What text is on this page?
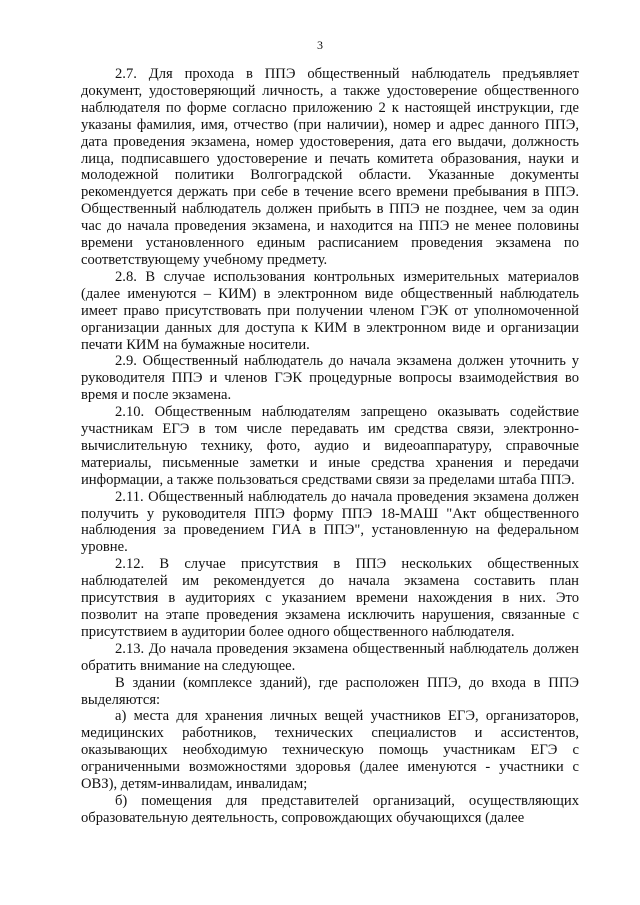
3

2.7. Для прохода в ППЭ общественный наблюдатель предъявляет документ, удостоверяющий личность, а также удостоверение общественного наблюдателя по форме согласно приложению 2 к настоящей инструкции, где указаны фамилия, имя, отчество (при наличии), номер и адрес данного ППЭ, дата проведения экзамена, номер удостоверения, дата его выдачи, должность лица, подписавшего удостоверение и печать комитета образования, науки и молодежной политики Волгоградской области. Указанные документы рекомендуется держать при себе в течение всего времени пребывания в ППЭ. Общественный наблюдатель должен прибыть в ППЭ не позднее, чем за один час до начала проведения экзамена, и находится на ППЭ не менее половины времени установленного единым расписанием проведения экзамена по соответствующему учебному предмету.

2.8. В случае использования контрольных измерительных материалов (далее именуются – КИМ) в электронном виде общественный наблюдатель имеет право присутствовать при получении членом ГЭК от уполномоченной организации данных для доступа к КИМ в электронном виде и организации печати КИМ на бумажные носители.

2.9. Общественный наблюдатель до начала экзамена должен уточнить у руководителя ППЭ и членов ГЭК процедурные вопросы взаимодействия во время и после экзамена.

2.10. Общественным наблюдателям запрещено оказывать содействие участникам ЕГЭ в том числе передавать им средства связи, электронно-вычислительную технику, фото, аудио и видеоаппаратуру, справочные материалы, письменные заметки и иные средства хранения и передачи информации, а также пользоваться средствами связи за пределами штаба ППЭ.

2.11. Общественный наблюдатель до начала проведения экзамена должен получить у руководителя ППЭ форму ППЭ 18-МАШ "Акт общественного наблюдения за проведением ГИА в ППЭ", установленную на федеральном уровне.

2.12. В случае присутствия в ППЭ нескольких общественных наблюдателей им рекомендуется до начала экзамена составить план присутствия в аудиториях с указанием времени нахождения в них. Это позволит на этапе проведения экзамена исключить нарушения, связанные с присутствием в аудитории более одного общественного наблюдателя.

2.13. До начала проведения экзамена общественный наблюдатель должен обратить внимание на следующее.

В здании (комплексе зданий), где расположен ППЭ, до входа в ППЭ выделяются:

а) места для хранения личных вещей участников ЕГЭ, организаторов, медицинских работников, технических специалистов и ассистентов, оказывающих необходимую техническую помощь участникам ЕГЭ с ограниченными возможностями здоровья (далее именуются - участники с ОВЗ), детям-инвалидам, инвалидам;

б) помещения для представителей организаций, осуществляющих образовательную деятельность, сопровождающих обучающихся (далее
